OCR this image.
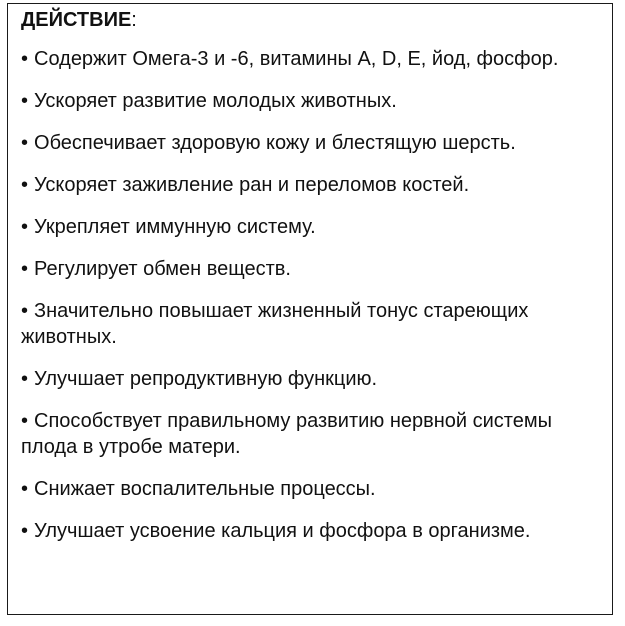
ДЕЙСТВИЕ:
• Содержит Омега-3 и -6, витамины А, D, Е, йод, фосфор.
• Ускоряет развитие молодых животных.
• Обеспечивает здоровую кожу и блестящую шерсть.
• Ускоряет заживление ран и переломов костей.
• Укрепляет иммунную систему.
• Регулирует обмен веществ.
• Значительно повышает жизненный тонус стареющих животных.
• Улучшает репродуктивную функцию.
• Способствует правильному развитию нервной системы плода в утробе матери.
• Снижает воспалительные процессы.
• Улучшает усвоение кальция и фосфора в организме.
